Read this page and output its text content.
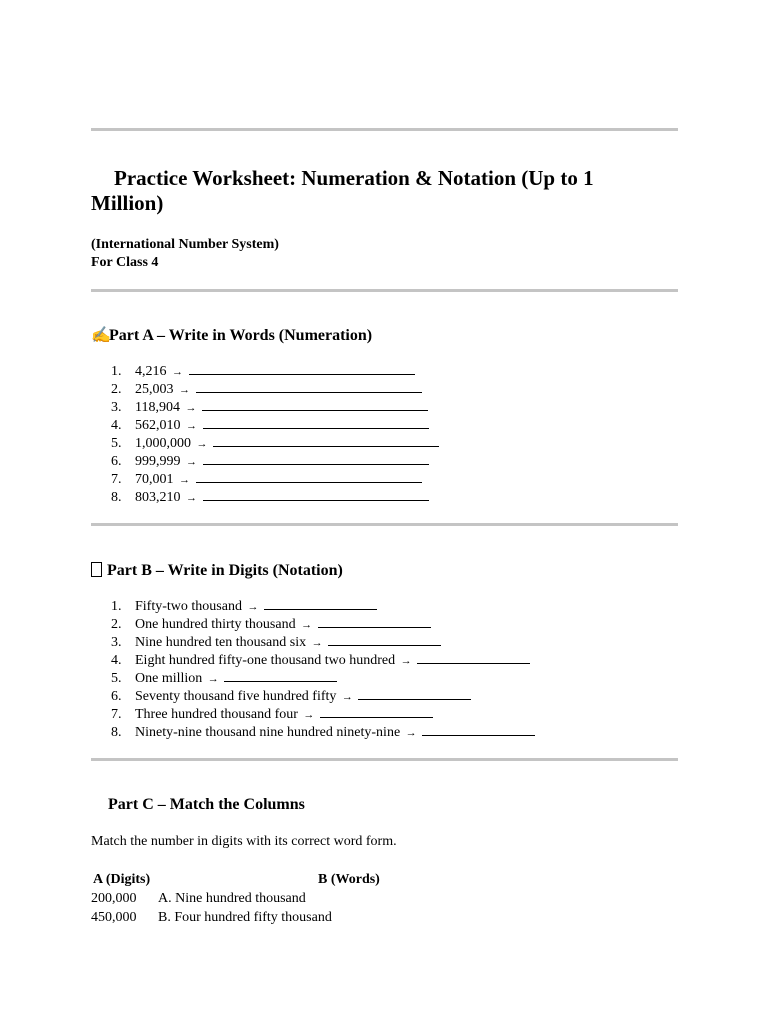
Practice Worksheet: Numeration & Notation (Up to 1 Million)
(International Number System)
For Class 4
✍Part A – Write in Words (Numeration)
1. 4,216 →
2. 25,003 →
3. 118,904 →
4. 562,010 →
5. 1,000,000 →
6. 999,999 →
7. 70,001 →
8. 803,210 →
Part B – Write in Digits (Notation)
1. Fifty-two thousand →
2. One hundred thirty thousand →
3. Nine hundred ten thousand six →
4. Eight hundred fifty-one thousand two hundred →
5. One million →
6. Seventy thousand five hundred fifty →
7. Three hundred thousand four →
8. Ninety-nine thousand nine hundred ninety-nine →
Part C – Match the Columns
Match the number in digits with its correct word form.
A (Digits)	B (Words)
200,000	A. Nine hundred thousand
450,000	B. Four hundred fifty thousand
